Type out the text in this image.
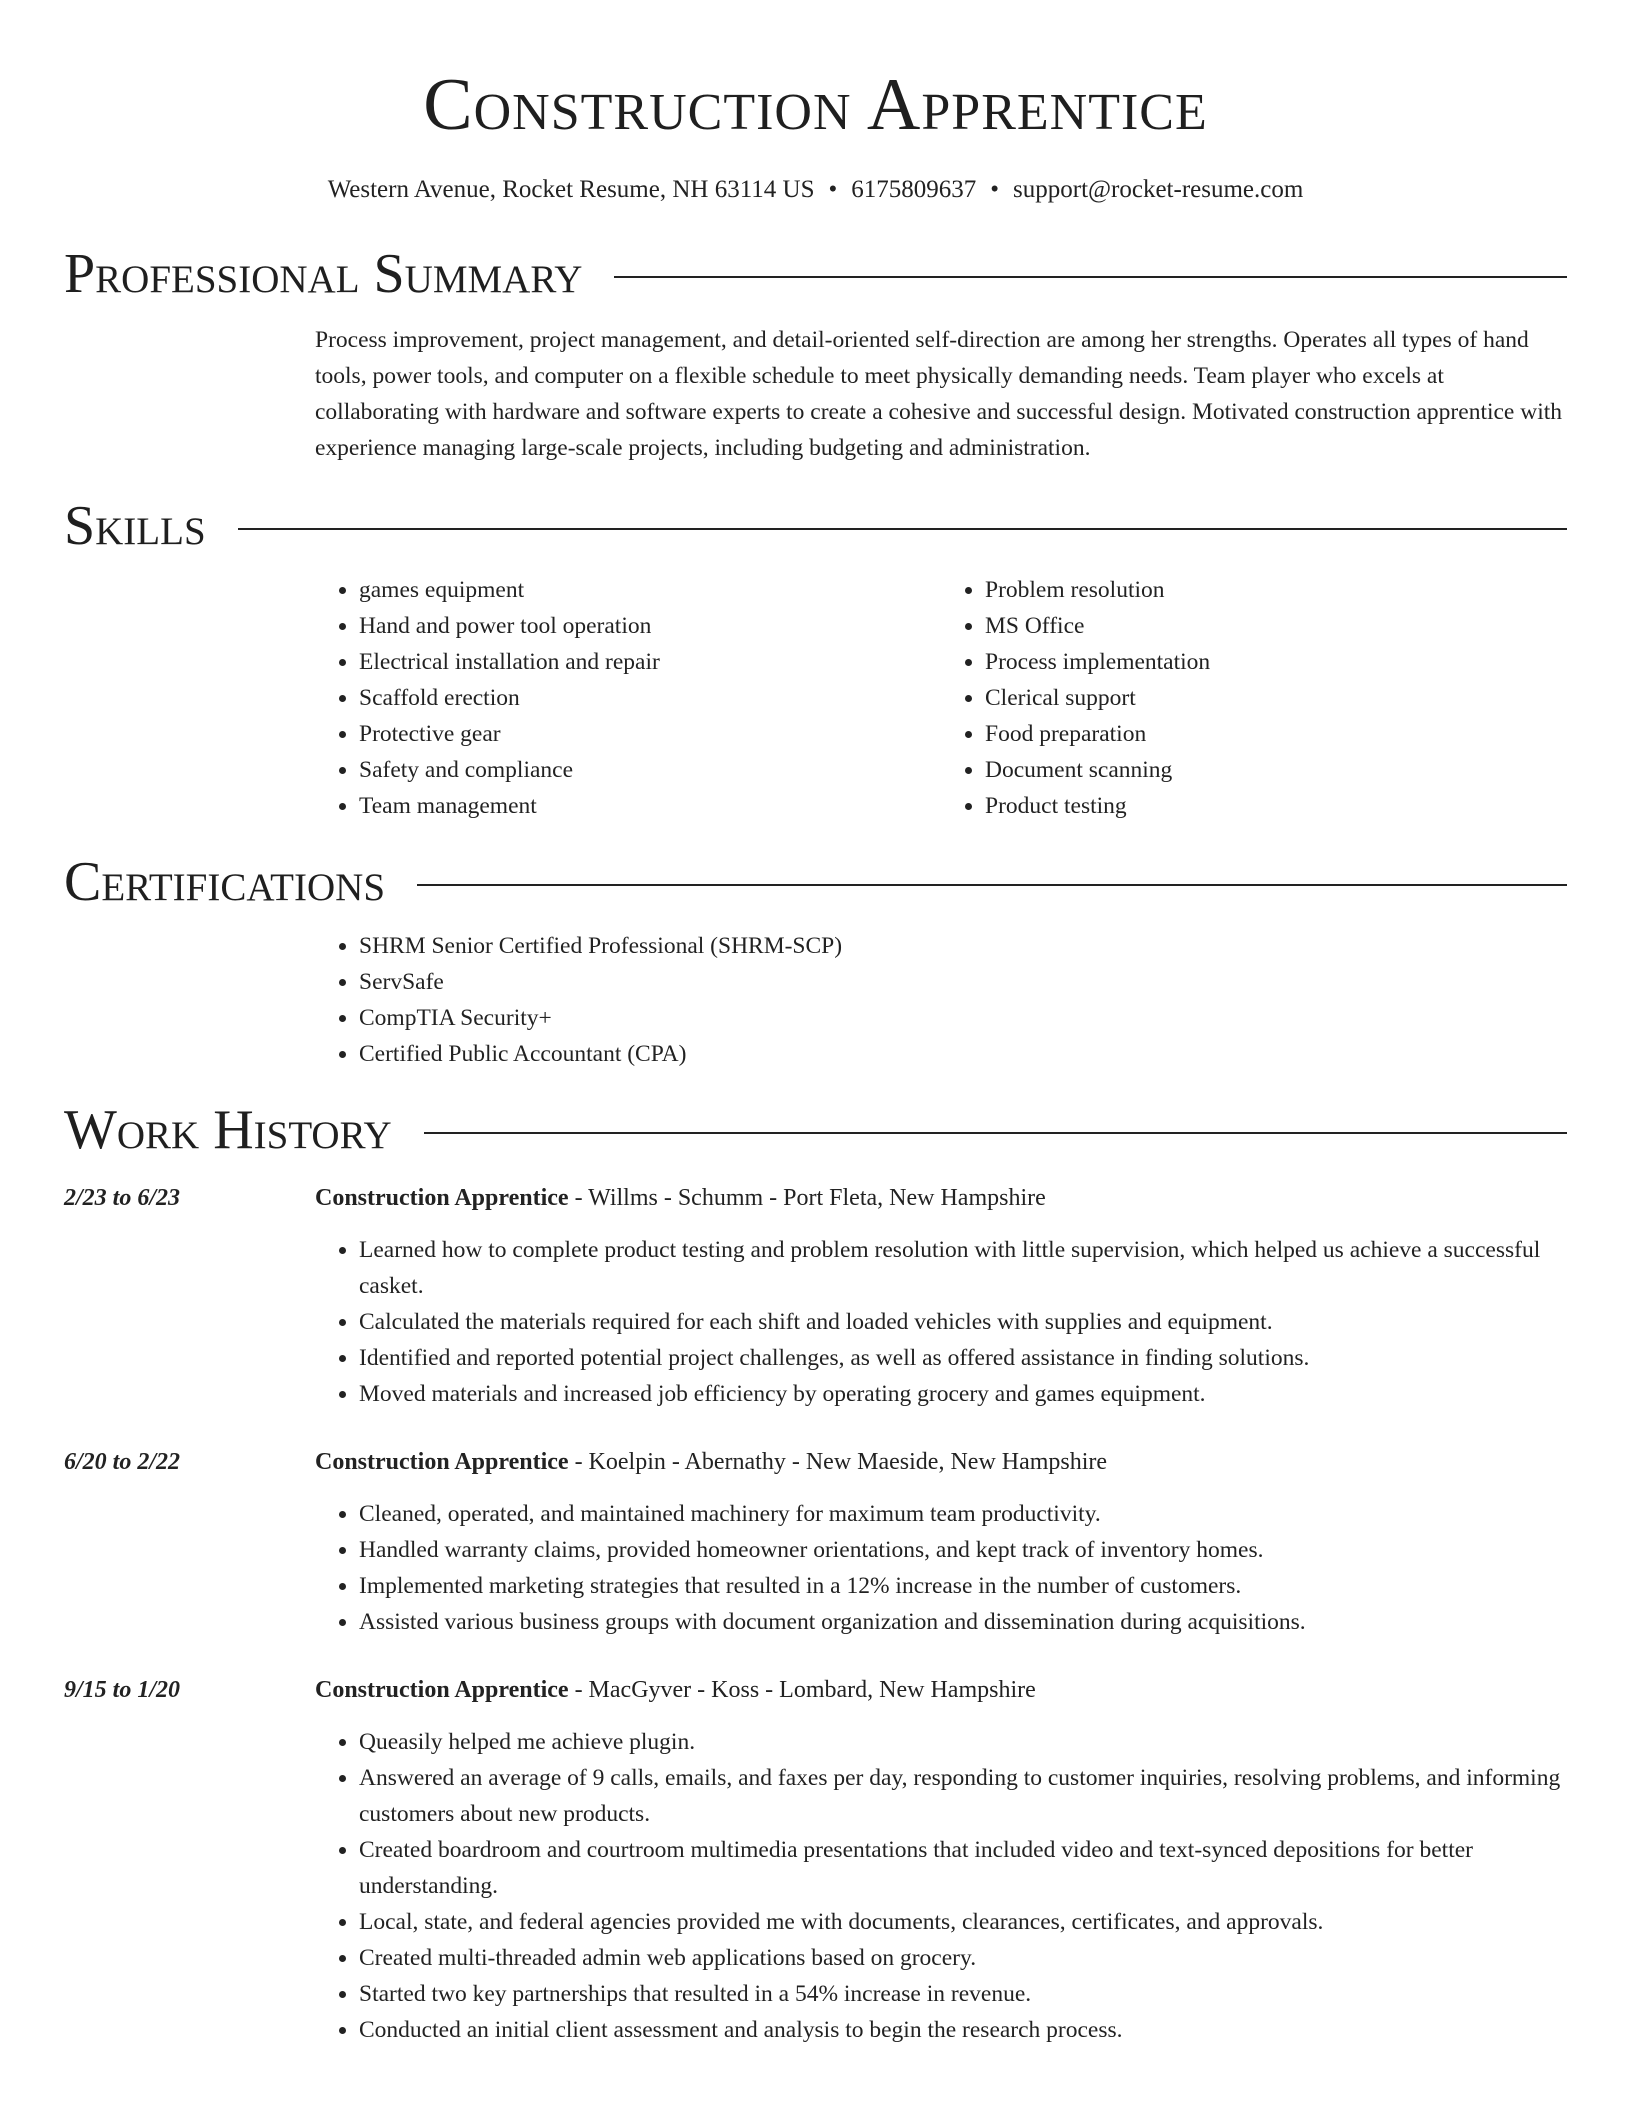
Construction Apprentice
Western Avenue, Rocket Resume, NH 63114 US • 6175809637 • support@rocket-resume.com
Professional Summary

Process improvement, project management, and detail-oriented self-direction are among her strengths. Operates all types of hand tools, power tools, and computer on a flexible schedule to meet physically demanding needs. Team player who excels at collaborating with hardware and software experts to create a cohesive and successful design. Motivated construction apprentice with experience managing large-scale projects, including budgeting and administration.

Skills
• games equipment
• Hand and power tool operation
• Electrical installation and repair
• Scaffold erection
• Protective gear
• Safety and compliance
• Team management
• Problem resolution
• MS Office
• Process implementation
• Clerical support
• Food preparation
• Document scanning
• Product testing
Certifications
• SHRM Senior Certified Professional (SHRM-SCP)
• ServSafe
• CompTIA Security+
• Certified Public Accountant (CPA)
Work History
2/23 to 6/23	Construction Apprentice - Willms - Schumm - Port Fleta, New Hampshire
• Learned how to complete product testing and problem resolution with little supervision, which helped us achieve a successful casket.
• Calculated the materials required for each shift and loaded vehicles with supplies and equipment.
• Identified and reported potential project challenges, as well as offered assistance in finding solutions.
• Moved materials and increased job efficiency by operating grocery and games equipment.
6/20 to 2/22	Construction Apprentice - Koelpin - Abernathy - New Maeside, New Hampshire
• Cleaned, operated, and maintained machinery for maximum team productivity.
• Handled warranty claims, provided homeowner orientations, and kept track of inventory homes.
• Implemented marketing strategies that resulted in a 12% increase in the number of customers.
• Assisted various business groups with document organization and dissemination during acquisitions.
9/15 to 1/20	Construction Apprentice - MacGyver - Koss - Lombard, New Hampshire
• Queasily helped me achieve plugin.
• Answered an average of 9 calls, emails, and faxes per day, responding to customer inquiries, resolving problems, and informing customers about new products.
• Created boardroom and courtroom multimedia presentations that included video and text-synced depositions for better understanding.
• Local, state, and federal agencies provided me with documents, clearances, certificates, and approvals.
• Created multi-threaded admin web applications based on grocery.
• Started two key partnerships that resulted in a 54% increase in revenue.
• Conducted an initial client assessment and analysis to begin the research process.
